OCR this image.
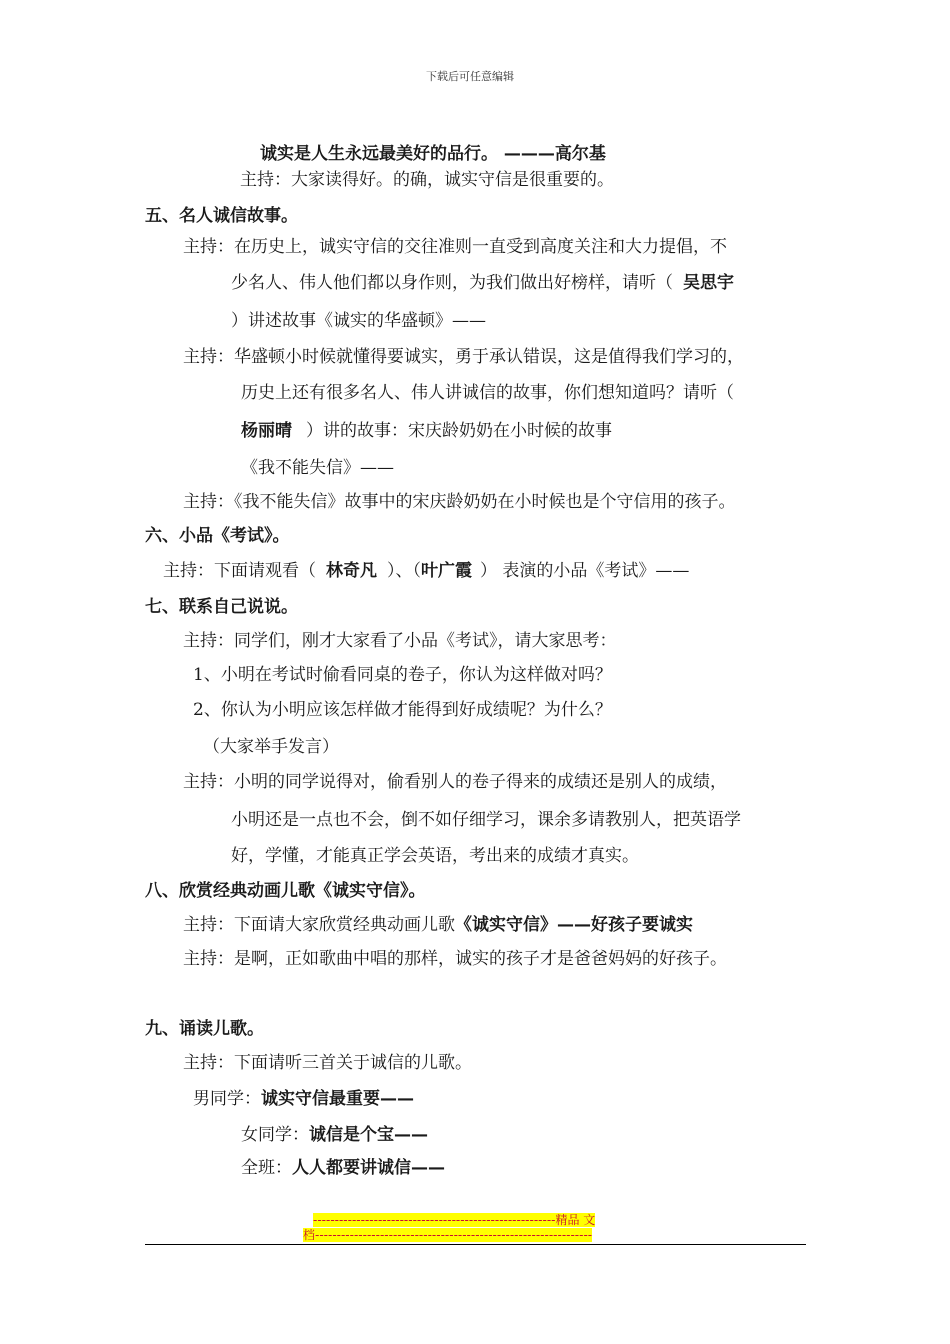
下载后可任意编辑
诚实是人生永远最美好的品行。 ———高尔基
主持：大家读得好。的确，诚实守信是很重要的。
五、名人诚信故事。
主持：在历史上，诚实守信的交往准则一直受到高度关注和大力提倡，不
少名人、伟人他们都以身作则，为我们做出好榜样，请听（ 吴思宇
）讲述故事《诚实的华盛顿》——
主持：华盛顿小时候就懂得要诚实，勇于承认错误，这是值得我们学习的，
历史上还有很多名人、伟人讲诚信的故事，你们想知道吗？请听（
杨丽晴 ）讲的故事：宋庆龄奶奶在小时候的故事
《我不能失信》——
主持：《我不能失信》故事中的宋庆龄奶奶在小时候也是个守信用的孩子。
六、小品《考试》。
主持：下面请观看（ 林奇凡 ）、（叶广霞 ） 表演的小品《考试》——
七、联系自己说说。
主持：同学们，刚才大家看了小品《考试》，请大家思考：
1、小明在考试时偷看同桌的卷子，你认为这样做对吗？
2、你认为小明应该怎样做才能得到好成绩呢？为什么？
（大家举手发言）
主持：小明的同学说得对，偷看别人的卷子得来的成绩还是别人的成绩，
小明还是一点也不会，倒不如仔细学习，课余多请教别人，把英语学
好，学懂，才能真正学会英语，考出来的成绩才真实。
八、欣赏经典动画儿歌《诚实守信》。
主持：下面请大家欣赏经典动画儿歌《诚实守信》——好孩子要诚实
主持：是啊，正如歌曲中唱的那样，诚实的孩子才是爸爸妈妈的好孩子。
九、诵读儿歌。
主持：下面请听三首关于诚信的儿歌。
男同学：诚实守信最重要——
女同学：诚信是个宝——
全班：人人都要讲诚信——
--------------------------------------------------------精品 文
档----------------------------------------------------------------
